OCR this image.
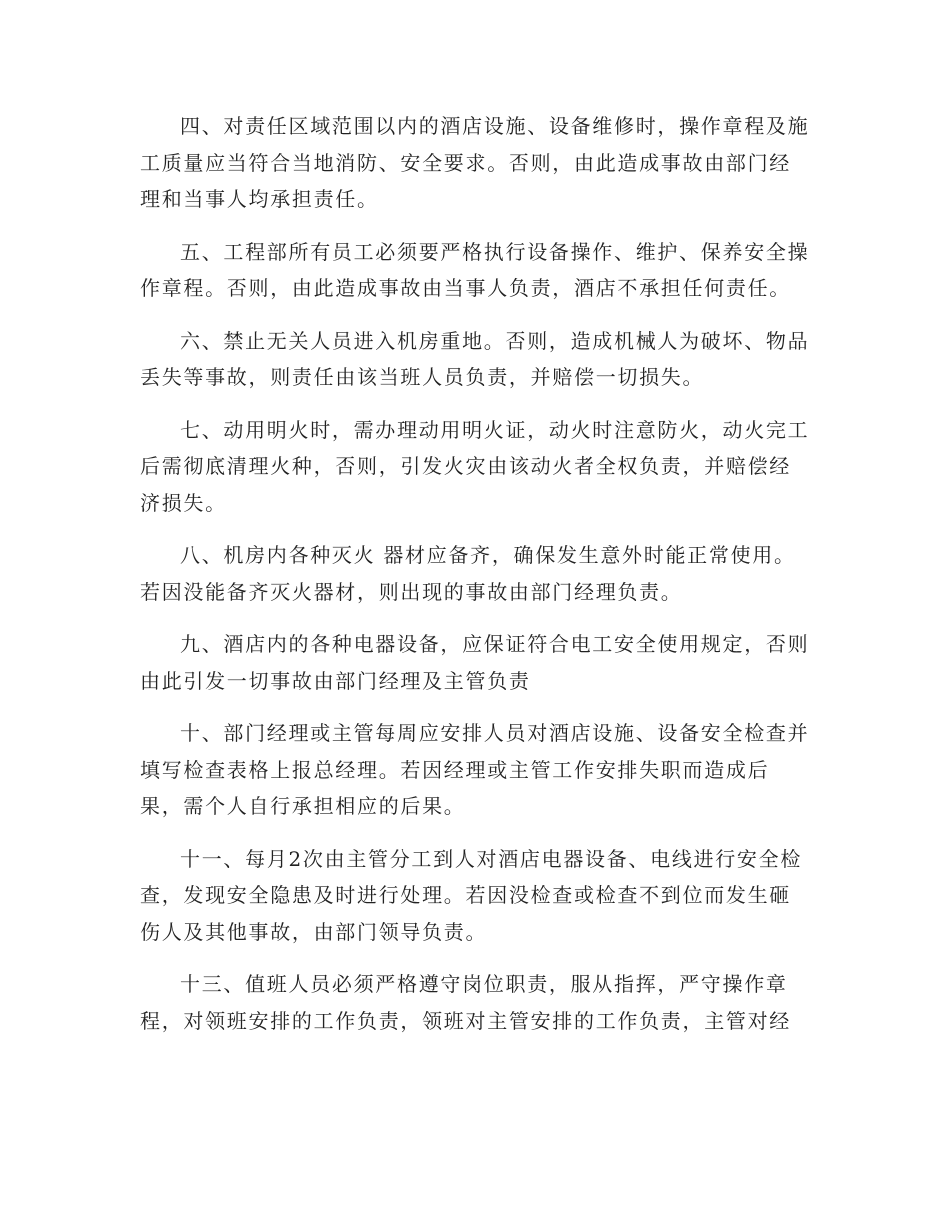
四、对责任区域范围以内的酒店设施、设备维修时，操作章程及施工质量应当符合当地消防、安全要求。否则，由此造成事故由部门经理和当事人均承担责任。

五、工程部所有员工必须要严格执行设备操作、维护、保养安全操作章程。否则，由此造成事故由当事人负责，酒店不承担任何责任。

六、禁止无关人员进入机房重地。否则，造成机械人为破坏、物品丢失等事故，则责任由该当班人员负责，并赔偿一切损失。

七、动用明火时，需办理动用明火证，动火时注意防火，动火完工后需彻底清理火种，否则，引发火灾由该动火者全权负责，并赔偿经济损失。

八、机房内各种灭火 器材应备齐，确保发生意外时能正常使用。若因没能备齐灭火器材，则出现的事故由部门经理负责。

九、酒店内的各种电器设备，应保证符合电工安全使用规定，否则由此引发一切事故由部门经理及主管负责

十、部门经理或主管每周应安排人员对酒店设施、设备安全检查并填写检查表格上报总经理。若因经理或主管工作安排失职而造成后果，需个人自行承担相应的后果。

十一、每月2次由主管分工到人对酒店电器设备、电线进行安全检查，发现安全隐患及时进行处理。若因没检查或检查不到位而发生砸伤人及其他事故，由部门领导负责。

十三、值班人员必须严格遵守岗位职责，服从指挥，严守操作章程，对领班安排的工作负责，领班对主管安排的工作负责，主管对经
